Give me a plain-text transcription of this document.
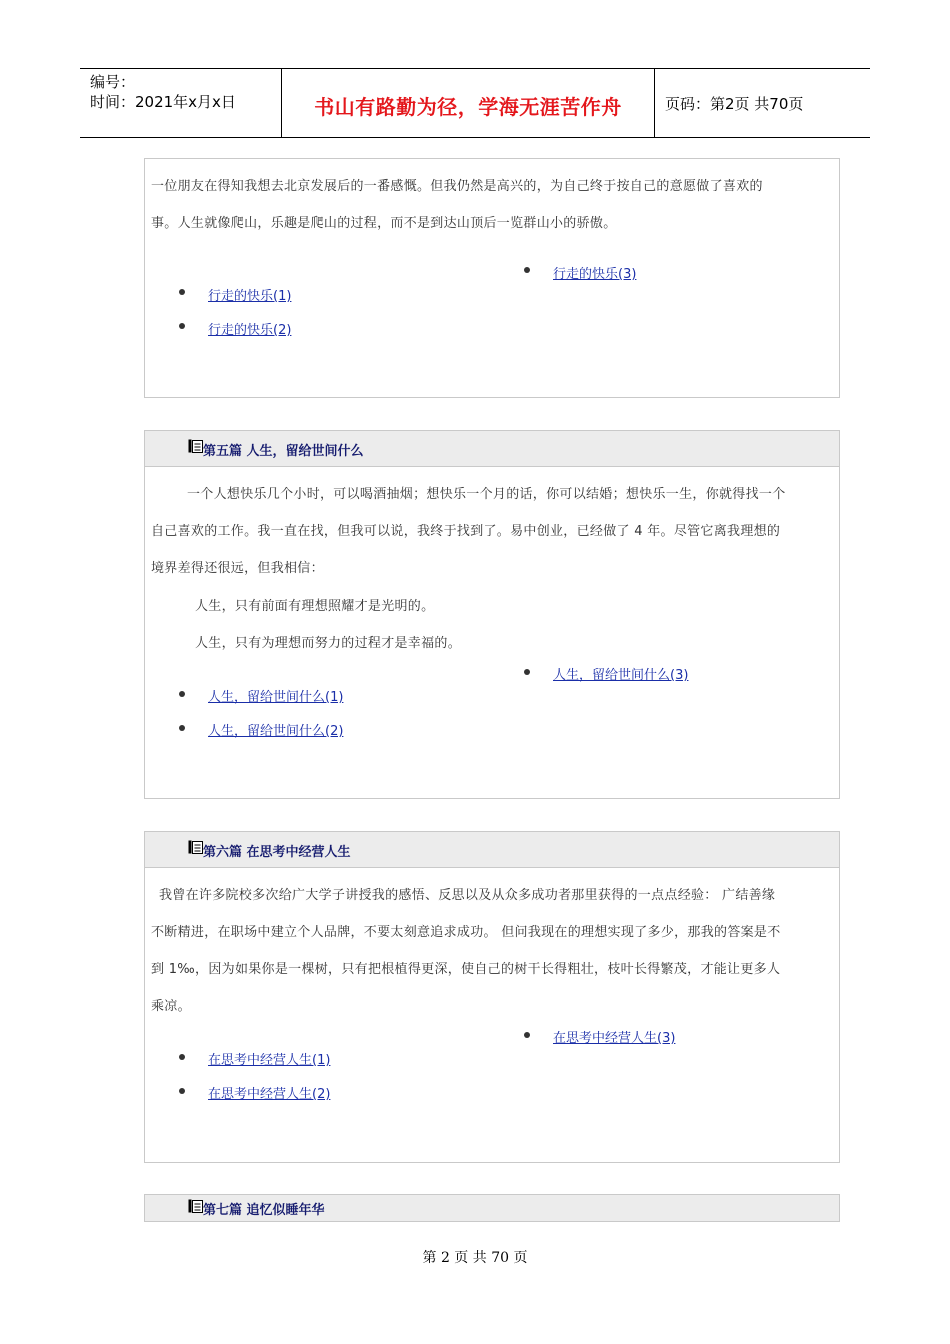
编号：
时间：2021年x月x日	书山有路勤为径，学海无涯苦作舟	页码：第2页 共70页
一位朋友在得知我想去北京发展后的一番感慨。但我仍然是高兴的，为自己终于按自己的意愿做了喜欢的
事。人生就像爬山，乐趣是爬山的过程，而不是到达山顶后一览群山小的骄傲。
行走的快乐(3)
行走的快乐(1)
行走的快乐(2)
第五篇 人生，留给世间什么
一个人想快乐几个小时，可以喝酒抽烟；想快乐一个月的话，你可以结婚；想快乐一生，你就得找一个
自己喜欢的工作。我一直在找，但我可以说，我终于找到了。易中创业，已经做了 4 年。尽管它离我理想的
境界差得还很远，但我相信：
人生，只有前面有理想照耀才是光明的。
人生，只有为理想而努力的过程才是幸福的。
人生，留给世间什么(3)
人生，留给世间什么(1)
人生，留给世间什么(2)
第六篇 在思考中经营人生
我曾在许多院校多次给广大学子讲授我的感悟、反思以及从众多成功者那里获得的一点点经验： 广结善缘
不断精进，在职场中建立个人品牌，不要太刻意追求成功。 但问我现在的理想实现了多少，那我的答案是不
到 1‰，因为如果你是一棵树，只有把根植得更深，使自己的树干长得粗壮，枝叶长得繁茂，才能让更多人
乘凉。
在思考中经营人生(3)
在思考中经营人生(1)
在思考中经营人生(2)
第七篇 追忆似睡年华
第 2 页 共 70 页
